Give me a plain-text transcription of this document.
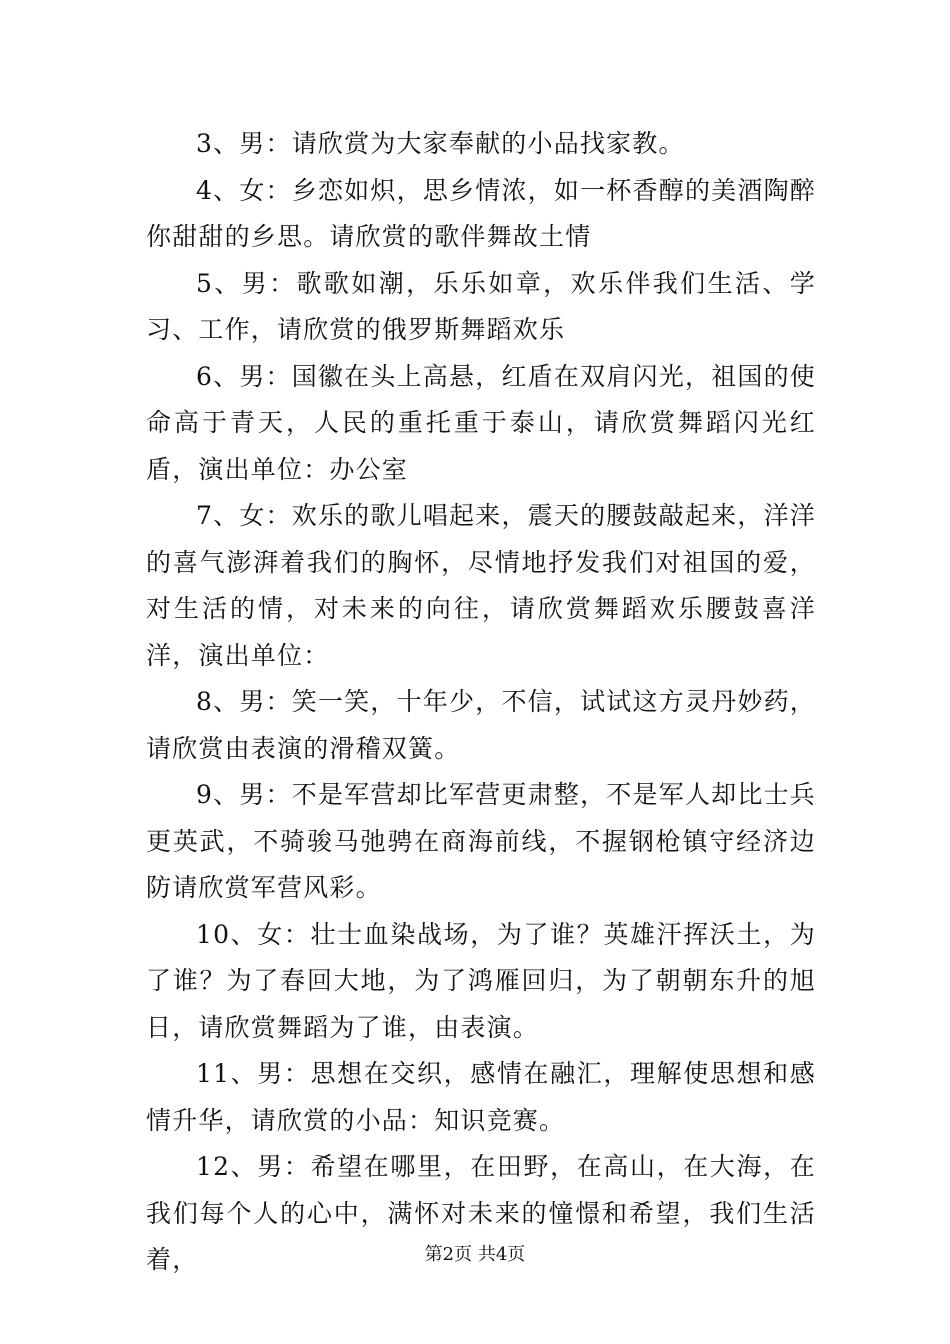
3、男：请欣赏为大家奉献的小品找家教。

4、女：乡恋如炽，思乡情浓，如一杯香醇的美酒陶醉你甜甜的乡思。请欣赏的歌伴舞故土情

5、男：歌歌如潮，乐乐如章，欢乐伴我们生活、学习、工作，请欣赏的俄罗斯舞蹈欢乐

6、男：国徽在头上高悬，红盾在双肩闪光，祖国的使命高于青天，人民的重托重于泰山，请欣赏舞蹈闪光红盾，演出单位：办公室

7、女：欢乐的歌儿唱起来，震天的腰鼓敲起来，洋洋的喜气澎湃着我们的胸怀，尽情地抒发我们对祖国的爱，对生活的情，对未来的向往，请欣赏舞蹈欢乐腰鼓喜洋洋，演出单位：

8、男：笑一笑，十年少，不信，试试这方灵丹妙药，请欣赏由表演的滑稽双簧。

9、男：不是军营却比军营更肃整，不是军人却比士兵更英武，不骑骏马弛骋在商海前线，不握钢枪镇守经济边防请欣赏军营风彩。

10、女：壮士血染战场，为了谁？英雄汗挥沃土，为了谁？为了春回大地，为了鸿雁回归，为了朝朝东升的旭日，请欣赏舞蹈为了谁，由表演。

11、男：思想在交织，感情在融汇，理解使思想和感情升华，请欣赏的小品：知识竞赛。

12、男：希望在哪里，在田野，在高山，在大海，在我们每个人的心中，满怀对未来的憧憬和希望，我们生活着，	第2页 共4页
